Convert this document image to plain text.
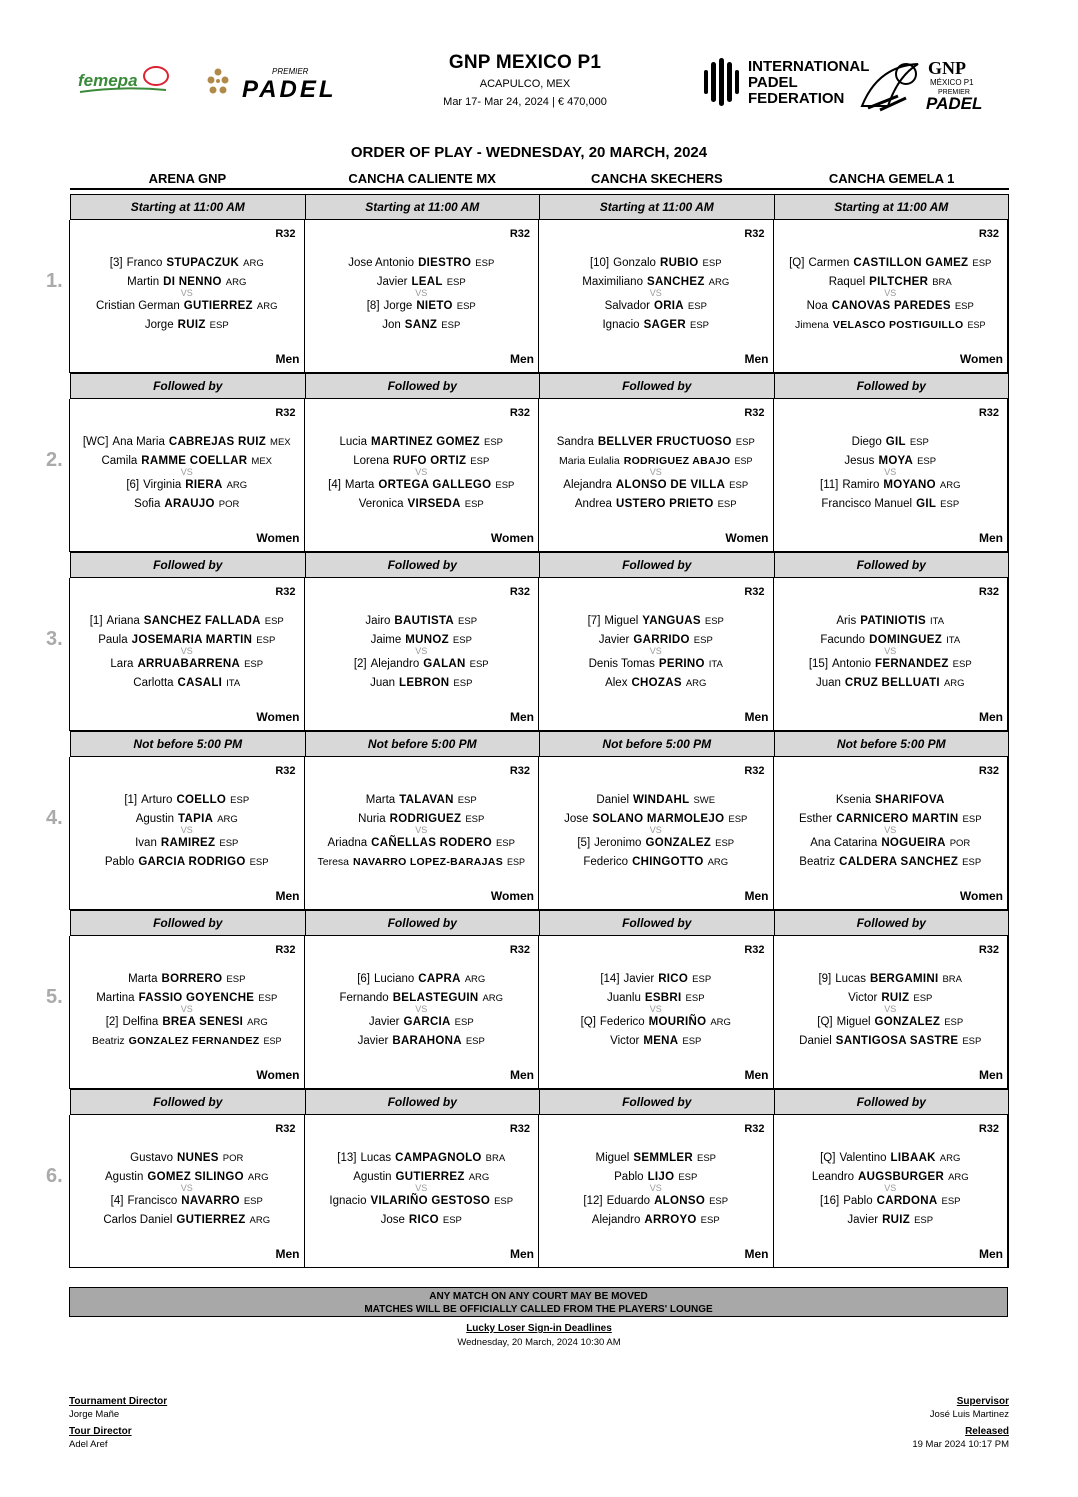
femepa	PREMIER
PADEL
GNP MEXICO P1
ACAPULCO, MEX
Mar 17- Mar 24, 2024 | € 470,000
INTERNATIONAL
PADEL
FEDERATION
GNP
MÉXICO P1
PREMIER
PADEL
ORDER OF PLAY - WEDNESDAY, 20 MARCH, 2024
ARENA GNP	CANCHA CALIENTE MX	CANCHA SKECHERS	CANCHA GEMELA 1
Starting at 11:00 AM	Starting at 11:00 AM	Starting at 11:00 AM	Starting at 11:00 AM
1.
R32
[3] Franco STUPACZUK ARG
Martin DI NENNO ARG
VS
Cristian German GUTIERREZ ARG
Jorge RUIZ ESP
Men
R32
Jose Antonio DIESTRO ESP
Javier LEAL ESP
VS
[8] Jorge NIETO ESP
Jon SANZ ESP
Men
R32
[10] Gonzalo RUBIO ESP
Maximiliano SANCHEZ ARG
VS
Salvador ORIA ESP
Ignacio SAGER ESP
Men
R32
[Q] Carmen CASTILLON GAMEZ ESP
Raquel PILTCHER BRA
VS
Noa CANOVAS PAREDES ESP
Jimena VELASCO POSTIGUILLO ESP
Women
Followed by	Followed by	Followed by	Followed by
2.
R32
[WC] Ana Maria CABREJAS RUIZ MEX
Camila RAMME COELLAR MEX
VS
[6] Virginia RIERA ARG
Sofia ARAUJO POR
Women
R32
Lucia MARTINEZ GOMEZ ESP
Lorena RUFO ORTIZ ESP
VS
[4] Marta ORTEGA GALLEGO ESP
Veronica VIRSEDA ESP
Women
R32
Sandra BELLVER FRUCTUOSO ESP
Maria Eulalia RODRIGUEZ ABAJO ESP
VS
Alejandra ALONSO DE VILLA ESP
Andrea USTERO PRIETO ESP
Women
R32
Diego GIL ESP
Jesus MOYA ESP
VS
[11] Ramiro MOYANO ARG
Francisco Manuel GIL ESP
Men
Followed by	Followed by	Followed by	Followed by
3.
R32
[1] Ariana SANCHEZ FALLADA ESP
Paula JOSEMARIA MARTIN ESP
VS
Lara ARRUABARRENA ESP
Carlotta CASALI ITA
Women
R32
Jairo BAUTISTA ESP
Jaime MUNOZ ESP
VS
[2] Alejandro GALAN ESP
Juan LEBRON ESP
Men
R32
[7] Miguel YANGUAS ESP
Javier GARRIDO ESP
VS
Denis Tomas PERINO ITA
Alex CHOZAS ARG
Men
R32
Aris PATINIOTIS ITA
Facundo DOMINGUEZ ITA
VS
[15] Antonio FERNANDEZ ESP
Juan CRUZ BELLUATI ARG
Men
Not before 5:00 PM	Not before 5:00 PM	Not before 5:00 PM	Not before 5:00 PM
4.
R32
[1] Arturo COELLO ESP
Agustin TAPIA ARG
VS
Ivan RAMIREZ ESP
Pablo GARCIA RODRIGO ESP
Men
R32
Marta TALAVAN ESP
Nuria RODRIGUEZ ESP
VS
Ariadna CAÑELLAS RODERO ESP
Teresa NAVARRO LOPEZ-BARAJAS ESP
Women
R32
Daniel WINDAHL SWE
Jose SOLANO MARMOLEJO ESP
VS
[5] Jeronimo GONZALEZ ESP
Federico CHINGOTTO ARG
Men
R32
Ksenia SHARIFOVA
Esther CARNICERO MARTIN ESP
VS
Ana Catarina NOGUEIRA POR
Beatriz CALDERA SANCHEZ ESP
Women
Followed by	Followed by	Followed by	Followed by
5.
R32
Marta BORRERO ESP
Martina FASSIO GOYENCHE ESP
VS
[2] Delfina BREA SENESI ARG
Beatriz GONZALEZ FERNANDEZ ESP
Women
R32
[6] Luciano CAPRA ARG
Fernando BELASTEGUIN ARG
VS
Javier GARCIA ESP
Javier BARAHONA ESP
Men
R32
[14] Javier RICO ESP
Juanlu ESBRI ESP
VS
[Q] Federico MOURIÑO ARG
Victor MENA ESP
Men
R32
[9] Lucas BERGAMINI BRA
Victor RUIZ ESP
VS
[Q] Miguel GONZALEZ ESP
Daniel SANTIGOSA SASTRE ESP
Men
Followed by	Followed by	Followed by	Followed by
6.
R32
Gustavo NUNES POR
Agustin GOMEZ SILINGO ARG
VS
[4] Francisco NAVARRO ESP
Carlos Daniel GUTIERREZ ARG
Men
R32
[13] Lucas CAMPAGNOLO BRA
Agustin GUTIERREZ ARG
VS
Ignacio VILARIÑO GESTOSO ESP
Jose RICO ESP
Men
R32
Miguel SEMMLER ESP
Pablo LIJO ESP
VS
[12] Eduardo ALONSO ESP
Alejandro ARROYO ESP
Men
R32
[Q] Valentino LIBAAK ARG
Leandro AUGSBURGER ARG
VS
[16] Pablo CARDONA ESP
Javier RUIZ ESP
Men
ANY MATCH ON ANY COURT MAY BE MOVED
MATCHES WILL BE OFFICIALLY CALLED FROM THE PLAYERS' LOUNGE
Lucky Loser Sign-in Deadlines
Wednesday, 20 March, 2024 10:30 AM
Tournament Director
Jorge Mañe
Tour Director
Adel Aref
Supervisor
José Luis Martinez
Released
19 Mar 2024 10:17 PM
